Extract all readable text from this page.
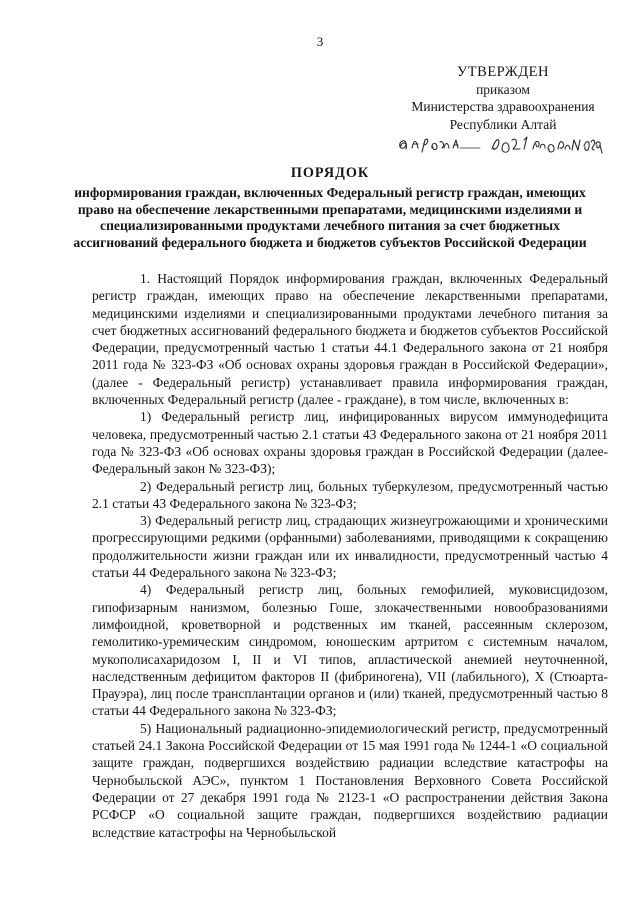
3
УТВЕРЖДЕН
приказом
Министерства здравоохранения
Республики Алтай
ПОРЯДОК
информирования граждан, включенных Федеральный регистр граждан, имеющих право на обеспечение лекарственными препаратами, медицинскими изделиями и специализированными продуктами лечебного питания за счет бюджетных ассигнований федерального бюджета и бюджетов субъектов Российской Федерации

1. Настоящий Порядок информирования граждан, включенных Федеральный регистр граждан, имеющих право на обеспечение лекарственными препаратами, медицинскими изделиями и специализированными продуктами лечебного питания за счет бюджетных ассигнований федерального бюджета и бюджетов субъектов Российской Федерации, предусмотренный частью 1 статьи 44.1 Федерального закона от 21 ноября 2011 года № 323-ФЗ «Об основах охраны здоровья граждан в Российской Федерации», (далее - Федеральный регистр) устанавливает правила информирования граждан, включенных Федеральный регистр (далее - граждане), в том числе, включенных в:

1) Федеральный регистр лиц, инфицированных вирусом иммунодефицита человека, предусмотренный частью 2.1 статьи 43 Федерального закона от 21 ноября 2011 года № 323-ФЗ «Об основах охраны здоровья граждан в Российской Федерации (далее-Федеральный закон № 323-ФЗ);

2) Федеральный регистр лиц, больных туберкулезом, предусмотренный частью 2.1 статьи 43 Федерального закона № 323-ФЗ;

3) Федеральный регистр лиц, страдающих жизнеугрожающими и хроническими прогрессирующими редкими (орфанными) заболеваниями, приводящими к сокращению продолжительности жизни граждан или их инвалидности, предусмотренный частью 4 статьи 44 Федерального закона № 323-ФЗ;

4) Федеральный регистр лиц, больных гемофилией, муковисцидозом, гипофизарным нанизмом, болезнью Гоше, злокачественными новообразованиями лимфоидной, кроветворной и родственных им тканей, рассеянным склерозом, гемолитико-уремическим синдромом, юношеским артритом с системным началом, мукополисахаридозом I, II и VI типов, апластической анемией неуточненной, наследственным дефицитом факторов II (фибриногена), VII (лабильного), X (Стюарта-Прауэра), лиц после трансплантации органов и (или) тканей, предусмотренный частью 8 статьи 44 Федерального закона № 323-ФЗ;

5) Национальный радиационно-эпидемиологический регистр, предусмотренный статьей 24.1 Закона Российской Федерации от 15 мая 1991 года № 1244-1 «О социальной защите граждан, подвергшихся воздействию радиации вследствие катастрофы на Чернобыльской АЭС», пунктом 1 Постановления Верховного Совета Российской Федерации от 27 декабря 1991 года № 2123-1 «О распространении действия Закона РСФСР «О социальной защите граждан, подвергшихся воздействию радиации вследствие катастрофы на Чернобыльской
